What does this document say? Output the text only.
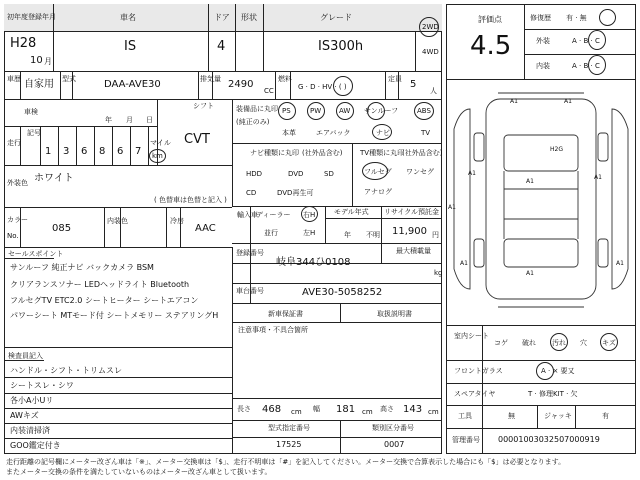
初年度登録年月
H28
10 月
車名
IS
ドア
4
形状	グレード
IS300h
2WD
4WD
車歴 自家用 型式	DAA-AVE30	排気量 2490
CC
燃料
G · D · HV · ( )
定員 5
人
評価点
4.5
修復歴 有 · 無
外装	A · B · C
内装	A · B · C
車検
年 月 日
シフト
CVT
走行
記号
1 3 6 8 6 7
マイル
km
外装色 ホワイト
( 色替車は色替と記入 )
カラー
No.
085
内装色	冷房
AAC
装備品に丸印
(純正のみ)
PS	PW	AW サンルーフ	ABS
本革	エアバック	ナビ	TV
ナビ種類に丸印 (社外品含む)
HDD	DVD	SD
CD	DVD再生可
TV種類に丸印
(社外品含む)
フルセグ ワンセグ
アナログ
輸入車
ディーラー
並行
右H
左H
モデル年式
年 不明
リサイクル預託金
11,900 円
登録番号
岐阜344ひ0108
最大積載量
kg
車台番号	AVE30-5058252
新車保証書	取扱説明書
注意事項・不具合箇所
セールスポイント
サンルーフ 純正ナビ バックカメラ BSM
クリアランスソナー LEDヘッドライト Bluetooth
フルセグTV ETC2.0 シートヒーター シートエアコン
パワーシート MTモード付 シートメモリー ステアリングH
検査員記入
ハンドル・シフト・トリムスレ
シートスレ・シワ
各小A小Uリ
AWキズ
内装清掃済
GOO鑑定付き
長さ 468 cm 幅 181 cm 高さ 143 cm
型式指定番号
17525
類別区分番号
0007
A1	A1
A1
A1
A1
A1
A1
A1	A1
H2G
室内シート
コゲ 破れ 汚れ 穴 キズ
フロントガラス	A · × 要又
スペアタイヤ	T · 修理KIT · 欠
工具	無	ジャッキ	有
管理番号 00001003032507000919
走行距離の記号欄にメーター改ざん車は「※」、メーター交換車は「$」、走行不明車は「#」を記入してください。メーター交換で合算表示した場合にも「$」は必要となります。
またメーター交換の条件を満たしていないものはメーター改ざん車として扱います。
